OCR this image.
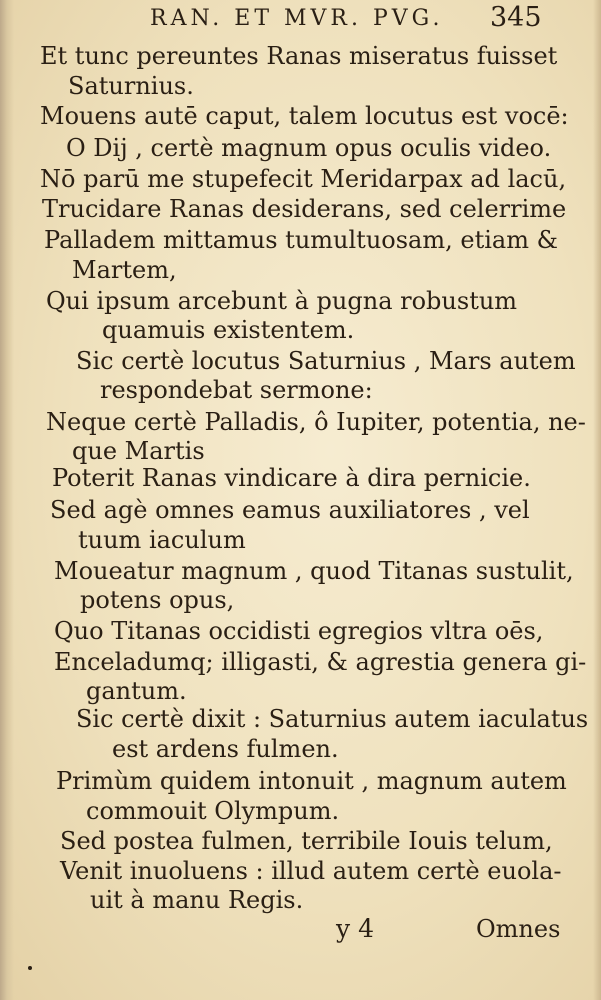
RAN. ET MVR. PVG. 345
Et tunc pereuntes Ranas miseratus fuisset
Saturnius.
Mouens autē caput, talem locutus est vocē:
O Dij , certè magnum opus oculis video.
Nō parū me stupefecit Meridarpax ad lacū,
Trucidare Ranas desiderans, sed celerrime
Palladem mittamus tumultuosam, etiam &
Martem,
Qui ipsum arcebunt à pugna robustum
quamuis existentem.
Sic certè locutus Saturnius , Mars autem
respondebat sermone:
Neque certè Palladis, ô Iupiter, potentia, ne-
que Martis
Poterit Ranas vindicare à dira pernicie.
Sed agè omnes eamus auxiliatores , vel
tuum iaculum
Moueatur magnum , quod Titanas sustulit,
potens opus,
Quo Titanas occidisti egregios vltra oēs,
Enceladumq; illigasti, & agrestia genera gi-
gantum.
Sic certè dixit : Saturnius autem iaculatus
est ardens fulmen.
Primùm quidem intonuit , magnum autem
commouit Olympum.
Sed postea fulmen, terribile Iouis telum,
Venit inuoluens : illud autem certè euola-
uit à manu Regis.
y 4	Omnes
